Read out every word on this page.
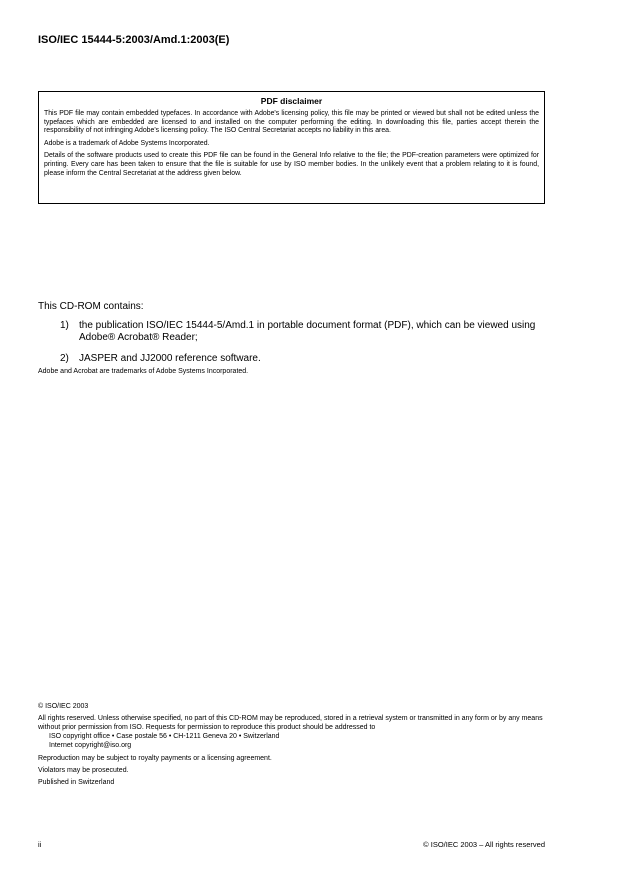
ISO/IEC 15444-5:2003/Amd.1:2003(E)
PDF disclaimer

This PDF file may contain embedded typefaces. In accordance with Adobe's licensing policy, this file may be printed or viewed but shall not be edited unless the typefaces which are embedded are licensed to and installed on the computer performing the editing. In downloading this file, parties accept therein the responsibility of not infringing Adobe's licensing policy. The ISO Central Secretariat accepts no liability in this area.

Adobe is a trademark of Adobe Systems Incorporated.

Details of the software products used to create this PDF file can be found in the General Info relative to the file; the PDF-creation parameters were optimized for printing. Every care has been taken to ensure that the file is suitable for use by ISO member bodies. In the unlikely event that a problem relating to it is found, please inform the Central Secretariat at the address given below.

This CD-ROM contains:
1) the publication ISO/IEC 15444-5/Amd.1 in portable document format (PDF), which can be viewed using Adobe® Acrobat® Reader;
2) JASPER and JJ2000 reference software.
Adobe and Acrobat are trademarks of Adobe Systems Incorporated.

© ISO/IEC 2003

All rights reserved. Unless otherwise specified, no part of this CD-ROM may be reproduced, stored in a retrieval system or transmitted in any form or by any means without prior permission from ISO. Requests for permission to reproduce this product should be addressed to

ISO copyright office • Case postale 56 • CH-1211 Geneva 20 • Switzerland
Internet copyright@iso.org

Reproduction may be subject to royalty payments or a licensing agreement.

Violators may be prosecuted.

Published in Switzerland

ii	© ISO/IEC 2003 – All rights reserved
